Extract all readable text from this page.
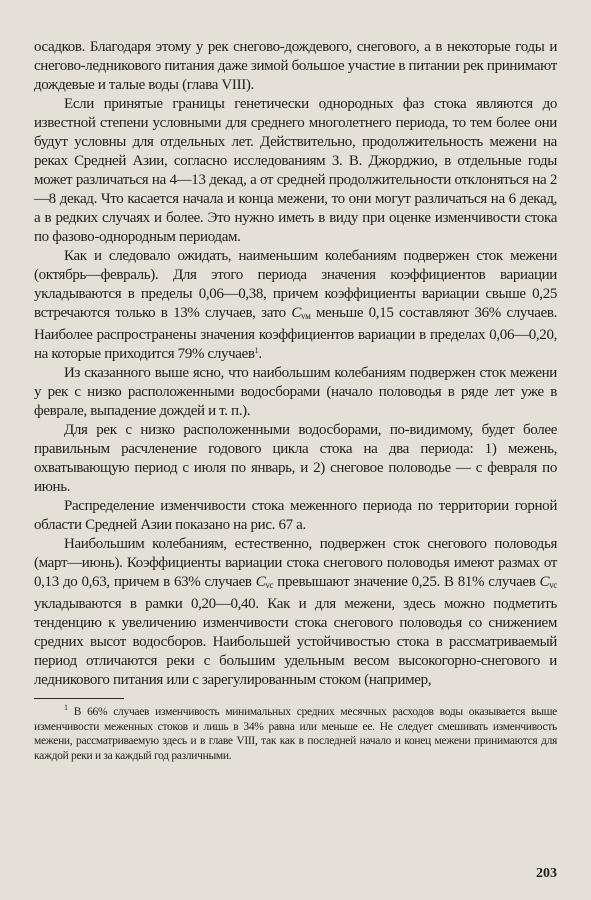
осадков. Благодаря этому у рек снегово-дождевого, снегового, а в некоторые годы и снегово-ледникового питания даже зимой большое участие в питании рек принимают дождевые и талые воды (глава VIII).

Если принятые границы генетически однородных фаз стока являются до известной степени условными для среднего многолетнего периода, то тем более они будут условны для отдельных лет. Действительно, продолжительность межени на реках Средней Азии, согласно исследованиям З. В. Джорджио, в отдельные годы может различаться на 4—13 декад, а от средней продолжительности отклоняться на 2—8 декад. Что касается начала и конца межени, то они могут различаться на 6 декад, а в редких случаях и более. Это нужно иметь в виду при оценке изменчивости стока по фазово-однородным периодам.

Как и следовало ожидать, наименьшим колебаниям подвержен сток межени (октябрь—февраль). Для этого периода значения коэффициентов вариации укладываются в пределы 0,06—0,38, причем коэффициенты вариации свыше 0,25 встречаются только в 13% случаев, зато $C_{vм}$ меньше 0,15 составляют 36% случаев. Наиболее распространены значения коэффициентов вариации в пределах 0,06—0,20, на которые приходится 79% случаев$^1$.

Из сказанного выше ясно, что наибольшим колебаниям подвержен сток межени у рек с низко расположенными водосборами (начало половодья в ряде лет уже в феврале, выпадение дождей и т. п.).

Для рек с низко расположенными водосборами, по-видимому, будет более правильным расчленение годового цикла стока на два периода: 1) межень, охватывающую период с июля по январь, и 2) снеговое половодье — с февраля по июнь.

Распределение изменчивости стока меженного периода по территории горной области Средней Азии показано на рис. 67 а.

Наибольшим колебаниям, естественно, подвержен сток снегового половодья (март—июнь). Коэффициенты вариации стока снегового половодья имеют размах от 0,13 до 0,63, причем в 63% случаев $C_{vс}$ превышают значение 0,25. В 81% случаев $C_{vс}$ укладываются в рамки 0,20—0,40. Как и для межени, здесь можно подметить тенденцию к увеличению изменчивости стока снегового половодья со снижением средних высот водосборов. Наибольшей устойчивостью стока в рассматриваемый период отличаются реки с большим удельным весом высокогорно-снегового и ледникового питания или с зарегулированным стоком (например,

$^1$ В 66% случаев изменчивость минимальных средних месячных расходов воды оказывается выше изменчивости меженных стоков и лишь в 34% равна или меньше ее. Не следует смешивать изменчивость межени, рассматриваемую здесь и в главе VIII, так как в последней начало и конец межени принимаются для каждой реки и за каждый год различными.

203
